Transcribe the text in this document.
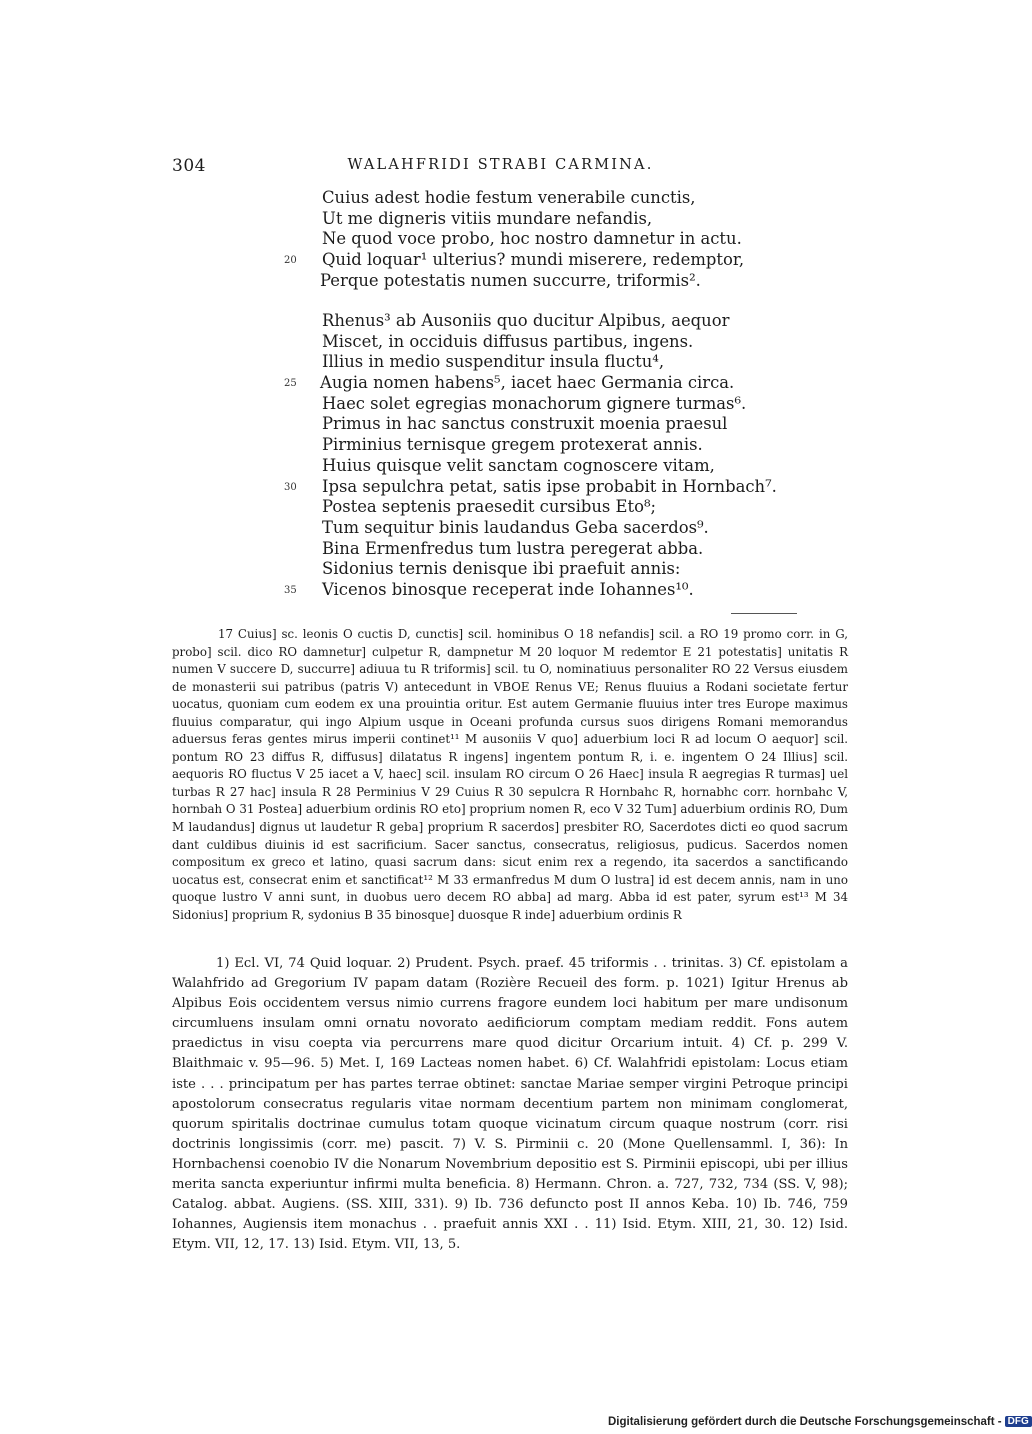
304	WALAHFRIDI STRABI CARMINA.
Cuius adest hodie festum venerabile cunctis,
Ut me digneris vitiis mundare nefandis,
Ne quod voce probo, hoc nostro damnetur in actu.
20 Quid loquar¹ ulterius? mundi miserere, redemptor,
Perque potestatis numen succurre, triformis².
Rhenus³ ab Ausoniis quo ducitur Alpibus, aequor
Miscet, in occiduis diffusus partibus, ingens.
Illius in medio suspenditur insula fluctu⁴,
25 Augia nomen habens⁵, iacet haec Germania circa.
Haec solet egregias monachorum gignere turmas⁶.
Primus in hac sanctus construxit moenia praesul
Pirminius ternisque gregem protexerat annis.
Huius quisque velit sanctam cognoscere vitam,
30 Ipsa sepulchra petat, satis ipse probabit in Hornbach⁷.
Postea septenis praesedit cursibus Eto⁸;
Tum sequitur binis laudandus Geba sacerdos⁹.
Bina Ermenfredus tum lustra peregerat abba.
Sidonius ternis denisque ibi praefuit annis:
35 Vicenos binosque receperat inde Iohannes¹⁰.

17 Cuius] sc. leonis O cuctis D, cunctis] scil. hominibus O 18 nefandis] scil. a RO 19 promo corr. in G, probo] scil. dico RO damnetur] culpetur R, dampnetur M 20 loquor M redemtor E 21 potestatis] unitatis R numen V succere D, succurre] adiuua tu R triformis] scil. tu O, nominatiuus personaliter RO 22 Versus eiusdem de monasterii sui patribus (patris V) antecedunt in VBOE Renus VE; Renus fluuius a Rodani societate fertur uocatus, quoniam cum eodem ex una prouintia oritur. Est autem Germanie fluuius inter tres Europe maximus fluuius comparatur, qui ingo Alpium usque in Oceani profunda cursus suos dirigens Romani memorandus aduersus feras gentes mirus imperii continet¹¹ M ausoniis V quo] aduerbium loci R ad locum O aequor] scil. pontum RO 23 diffus R, diffusus] dilatatus R ingens] ingentem pontum R, i. e. ingentem O 24 Illius] scil. aequoris RO fluctus V 25 iacet a V, haec] scil. insulam RO circum O 26 Haec] insula R aegregias R turmas] uel turbas R 27 hac] insula R 28 Perminius V 29 Cuius R 30 sepulcra R Hornbahc R, hornabhc corr. hornbahc V, hornbah O 31 Postea] aduerbium ordinis RO eto] proprium nomen R, eco V 32 Tum] aduerbium ordinis RO, Dum M laudandus] dignus ut laudetur R geba] proprium R sacerdos] presbiter RO, Sacerdotes dicti eo quod sacrum dant culdibus diuinis id est sacrificium. Sacer sanctus, consecratus, religiosus, pudicus. Sacerdos nomen compositum ex greco et latino, quasi sacrum dans: sicut enim rex a regendo, ita sacerdos a sanctificando uocatus est, consecrat enim et sanctificat¹² M 33 ermanfredus M dum O lustra] id est decem annis, nam in uno quoque lustro V anni sunt, in duobus uero decem RO abba] ad marg. Abba id est pater, syrum est¹³ M 34 Sidonius] proprium R, sydonius B 35 binosque] duosque R inde] aduerbium ordinis R

1) Ecl. VI, 74 Quid loquar. 2) Prudent. Psych. praef. 45 triformis . . trinitas. 3) Cf. epistolam a Walahfrido ad Gregorium IV papam datam (Rozière Recueil des form. p. 1021) Igitur Hrenus ab Alpibus Eois occidentem versus nimio currens fragore eundem loci habitum per mare undisonum circumluens insulam omni ornatu novorato aedificiorum comptam mediam reddit. Fons autem praedictus in visu coepta via percurrens mare quod dicitur Orcarium intuit. 4) Cf. p. 299 V. Blaithmaic v. 95—96. 5) Met. I, 169 Lacteas nomen habet. 6) Cf. Walahfridi epistolam: Locus etiam iste . . . principatum per has partes terrae obtinet: sanctae Mariae semper virgini Petroque principi apostolorum consecratus regularis vitae normam decentium partem non minimam conglomerat, quorum spiritalis doctrinae cumulus totam quoque vicinatum circum quaque nostrum (corr. risi doctrinis longissimis (corr. me) pascit. 7) V. S. Pirminii c. 20 (Mone Quellensamml. I, 36): In Hornbachensi coenobio IV die Nonarum Novembrium depositio est S. Pirminii episcopi, ubi per illius merita sancta experiuntur infirmi multa beneficia. 8) Hermann. Chron. a. 727, 732, 734 (SS. V, 98); Catalog. abbat. Augiens. (SS. XIII, 331). 9) Ib. 736 defuncto post II annos Keba. 10) Ib. 746, 759 Iohannes, Augiensis item monachus . . praefuit annis XXI . . 11) Isid. Etym. XIII, 21, 30. 12) Isid. Etym. VII, 12, 17. 13) Isid. Etym. VII, 13, 5.

Digitalisierung gefördert durch die Deutsche Forschungsgemeinschaft - DFG
